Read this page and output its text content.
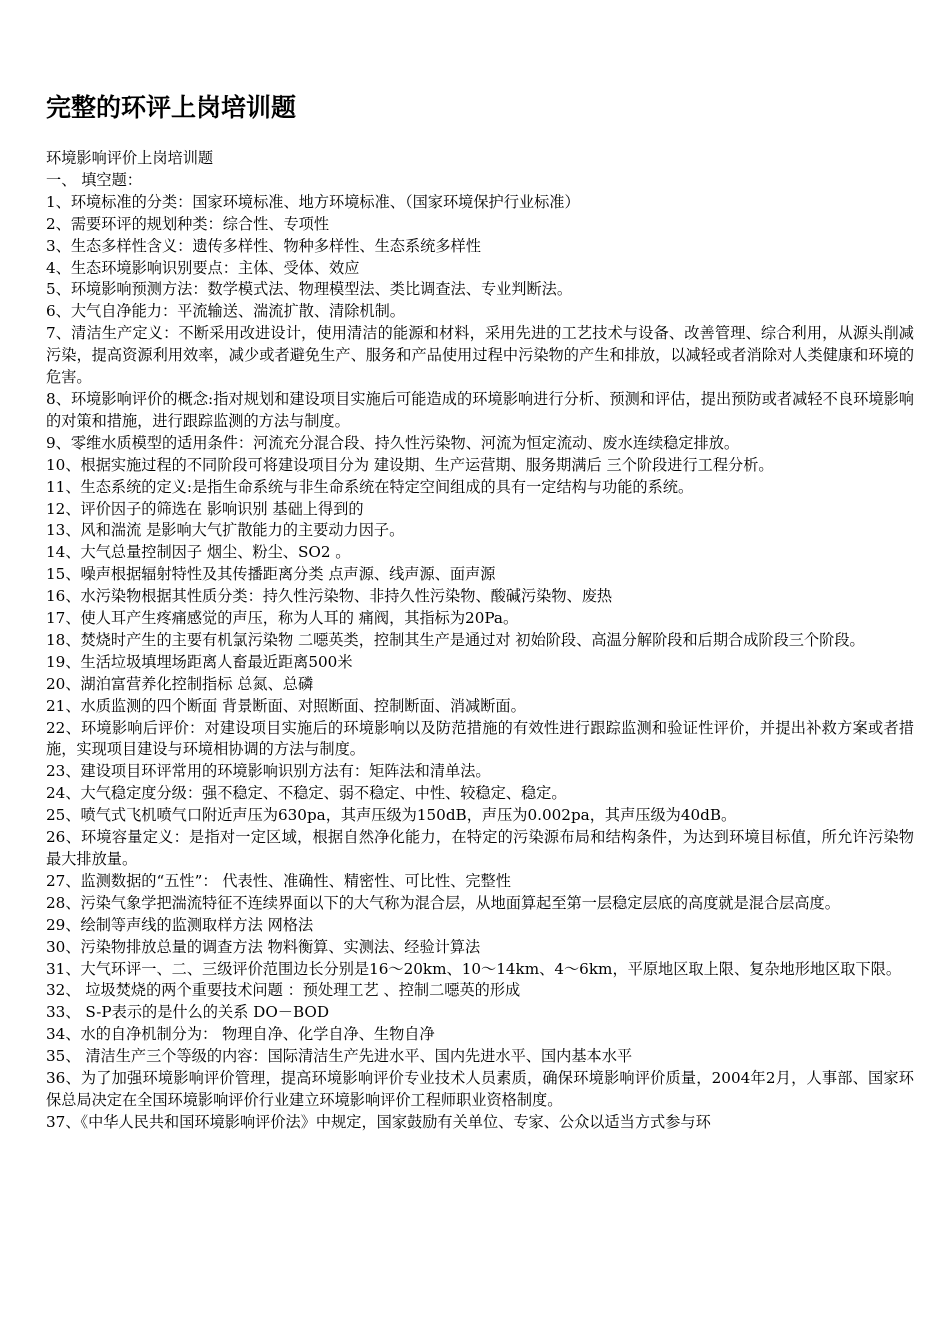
完整的环评上岗培训题
环境影响评价上岗培训题
一、 填空题：
1、环境标准的分类：国家环境标准、地方环境标准、（国家环境保护行业标准）
2、需要环评的规划种类：综合性、专项性
3、生态多样性含义：遗传多样性、物种多样性、生态系统多样性
4、生态环境影响识别要点：主体、受体、效应
5、环境影响预测方法：数学模式法、物理模型法、类比调查法、专业判断法。
6、大气自净能力：平流输送、湍流扩散、清除机制。
7、清洁生产定义：不断采用改进设计，使用清洁的能源和材料，采用先进的工艺技术与设备、改善管理、综合利用，从源头削减污染，提高资源利用效率，减少或者避免生产、服务和产品使用过程中污染物的产生和排放，以减轻或者消除对人类健康和环境的危害。
8、环境影响评价的概念:指对规划和建设项目实施后可能造成的环境影响进行分析、预测和评估，提出预防或者减轻不良环境影响的对策和措施，进行跟踪监测的方法与制度。
9、零维水质模型的适用条件：河流充分混合段、持久性污染物、河流为恒定流动、废水连续稳定排放。
10、根据实施过程的不同阶段可将建设项目分为 建设期、生产运营期、服务期满后 三个阶段进行工程分析。
11、生态系统的定义:是指生命系统与非生命系统在特定空间组成的具有一定结构与功能的系统。
12、评价因子的筛选在 影响识别 基础上得到的
13、风和湍流 是影响大气扩散能力的主要动力因子。
14、大气总量控制因子 烟尘、粉尘、SO2 。
15、噪声根据辐射特性及其传播距离分类 点声源、线声源、面声源
16、水污染物根据其性质分类：持久性污染物、非持久性污染物、酸碱污染物、废热
17、使人耳产生疼痛感觉的声压，称为人耳的 痛阀，其指标为20Pa。
18、焚烧时产生的主要有机氯污染物 二噁英类，控制其生产是通过对 初始阶段、高温分解阶段和后期合成阶段三个阶段。
19、生活垃圾填埋场距离人畜最近距离500米
20、湖泊富营养化控制指标 总氮、总磷
21、水质监测的四个断面 背景断面、对照断面、控制断面、消减断面。
22、环境影响后评价：对建设项目实施后的环境影响以及防范措施的有效性进行跟踪监测和验证性评价，并提出补救方案或者措施，实现项目建设与环境相协调的方法与制度。
23、建设项目环评常用的环境影响识别方法有：矩阵法和清单法。
24、大气稳定度分级：强不稳定、不稳定、弱不稳定、中性、较稳定、稳定。
25、喷气式飞机喷气口附近声压为630pa，其声压级为150dB，声压为0.002pa，其声压级为40dB。
26、环境容量定义：是指对一定区域，根据自然净化能力，在特定的污染源布局和结构条件，为达到环境目标值，所允许污染物最大排放量。
27、监测数据的“五性”： 代表性、准确性、精密性、可比性、完整性
28、污染气象学把湍流特征不连续界面以下的大气称为混合层，从地面算起至第一层稳定层底的高度就是混合层高度。
29、绘制等声线的监测取样方法 网格法
30、污染物排放总量的调查方法 物料衡算、实测法、经验计算法
31、大气环评一、二、三级评价范围边长分别是16～20km、10～14km、4～6km，平原地区取上限、复杂地形地区取下限。
32、 垃圾焚烧的两个重要技术问题 ：预处理工艺 、控制二噁英的形成
33、 S-P表示的是什么的关系 DO－BOD
34、水的自净机制分为： 物理自净、化学自净、生物自净
35、 清洁生产三个等级的内容：国际清洁生产先进水平、国内先进水平、国内基本水平
36、为了加强环境影响评价管理，提高环境影响评价专业技术人员素质，确保环境影响评价质量，2004年2月，人事部、国家环保总局决定在全国环境影响评价行业建立环境影响评价工程师职业资格制度。
37、《中华人民共和国环境影响评价法》中规定，国家鼓励有关单位、专家、公众以适当方式参与环
